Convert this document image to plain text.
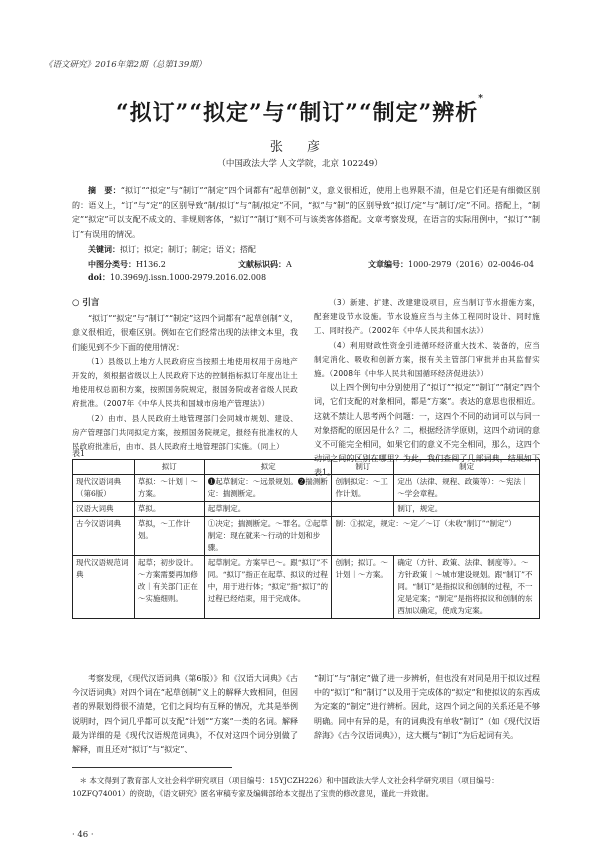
《语文研究》2016年第2期（总第139期）
“拟订”“拟定”与“制订”“制定”辨析*
张 彦
（中国政法大学 人文学院，北京 102249）
摘　要：“拟订”“拟定”与“制订”“制定”四个词都有“起草创制”义，意义很相近，使用上也界限不清，但是它们还是有细微区别的：语义上，“订”与“定”的区别导致“制/拟订”与“制/拟定”不同，“拟”与“制”的区别导致“拟订/定”与“制订/定”不同。搭配上，“制定”“拟定”可以支配不成文的、非规则客体，“拟订”“制订”则不可与该类客体搭配。文章考察发现，在语言的实际用例中，“拟订”“制订”有误用的情况。
关键词：拟订；拟定；制订；制定；语义；搭配
中图分类号：H136.2	文献标识码：A	文章编号：1000-2979（2016）02-0046-04
doi：10.3969/j.issn.1000-2979.2016.02.008
○ 引言

“拟订”“拟定”与“制订”“制定”这四个词都有“起草创制”义，意义很相近，很难区别。例如在它们经常出现的法律文本里，我们能见到不少下面的使用情况：

（1）县级以上地方人民政府应当按照土地使用权用于房地产开发的，须根据省级以上人民政府下达的控制指标拟订年度出让土地使用权总面积方案，按照国务院规定，报国务院或者省级人民政府批准。（2007年《中华人民共和国城市房地产管理法》）

（2）由市、县人民政府土地管理部门会同城市规划、建设、房产管理部门共同拟定方案，按照国务院规定，报经有批准权的人民政府批准后，由市、县人民政府土地管理部门实施。（同上）

（3）新建、扩建、改建建设项目，应当制订节水措施方案，配套建设节水设施。节水设施应当与主体工程同时设计、同时施工、同时投产。（2002年《中华人民共和国水法》）

（4）利用财政性资金引进循环经济重大技术、装备的，应当制定消化、吸收和创新方案，报有关主管部门审批并由其监督实施。（2008年《中华人民共和国循环经济促进法》）

以上四个例句中分别使用了“拟订”“拟定”“制订”“制定”四个词，它们支配的对象相同，都是“方案”。表达的意思也很相近。这就不禁让人思考两个问题：一，这四个不同的动词可以与同一对象搭配的原因是什么？二，根据经济学原则，这四个动词的意义不可能完全相同，如果它们的意义不完全相同，那么，这四个动词之间的区别在哪里？为此，我们查阅了几部词典，结果如下表1。

表1
	拟订	拟定	制订	制定
现代汉语词典（第6版）	草拟：～计划｜～方案。	❶起草制定：～远景规划。❷揣测断定：揣测断定。	创制拟定：～工作计划。	定出（法律、规程、政策等）：～宪法｜～学会章程。
汉语大词典	草拟。	起草制定。		制订，规定。
古今汉语词典	草拟，～工作计划。	①决定；揣测断定。～罪名。②起草制定：现在就来～行动的计划和步骤。	制：①拟定，规定：～定／～订（未收“制订”“制定”）	
现代汉语规范词典	起草；初步设计。～方案需要再加修改｜有关部门正在～实施细则。	起草制定。方案早已～。跟“拟订”不同。“拟订”指正在起草、拟议的过程中，用于进行体；“拟定”指“拟订”的过程已经结束，用于完成体。	创制；拟订。～计划｜～方案。	确定（方针、政策、法律、制度等）。～方针政策｜～城市建设规划。跟“制订”不同。“制订”是指拟议和创制的过程，不一定是定案；“制定”是指将拟议和创制的东西加以确定，使成为定案。

考察发现，《现代汉语词典（第6版）》和《汉语大词典》《古今汉语词典》对四个词在“起草创制”义上的解释大致相同，但因者的界限划得很不清楚，它们之间均有互释的情况，尤其是举例说明时，四个词几乎都可以支配“计划”“方案”一类的名词。解释最为详细的是《现代汉语规范词典》，不仅对这四个词分别做了解释，而且还对“拟订”与“拟定”、

“制订”与“制定”做了进一步辨析，但也没有对同是用于拟议过程中的“拟订”和“制订”以及用于完成体的“拟定”和使拟议的东西成为定案的“制定”进行辨析。因此，这四个词之间的关系还是不够明确。同中有异的是，有的词典没有单收“制订”（如《现代汉语辞海》《古今汉语词典》），这大概与“制订”为后起词有关。

＊ 本文得到了教育部人文社会科学研究项目（项目编号：15YJCZH226）和中国政法大学人文社会科学研究项目（项目编号：10ZFQ74001）的资助，《语文研究》匿名审稿专家及编辑部给本文提出了宝贵的修改意见，谨此一并致谢。
· 46 ·
